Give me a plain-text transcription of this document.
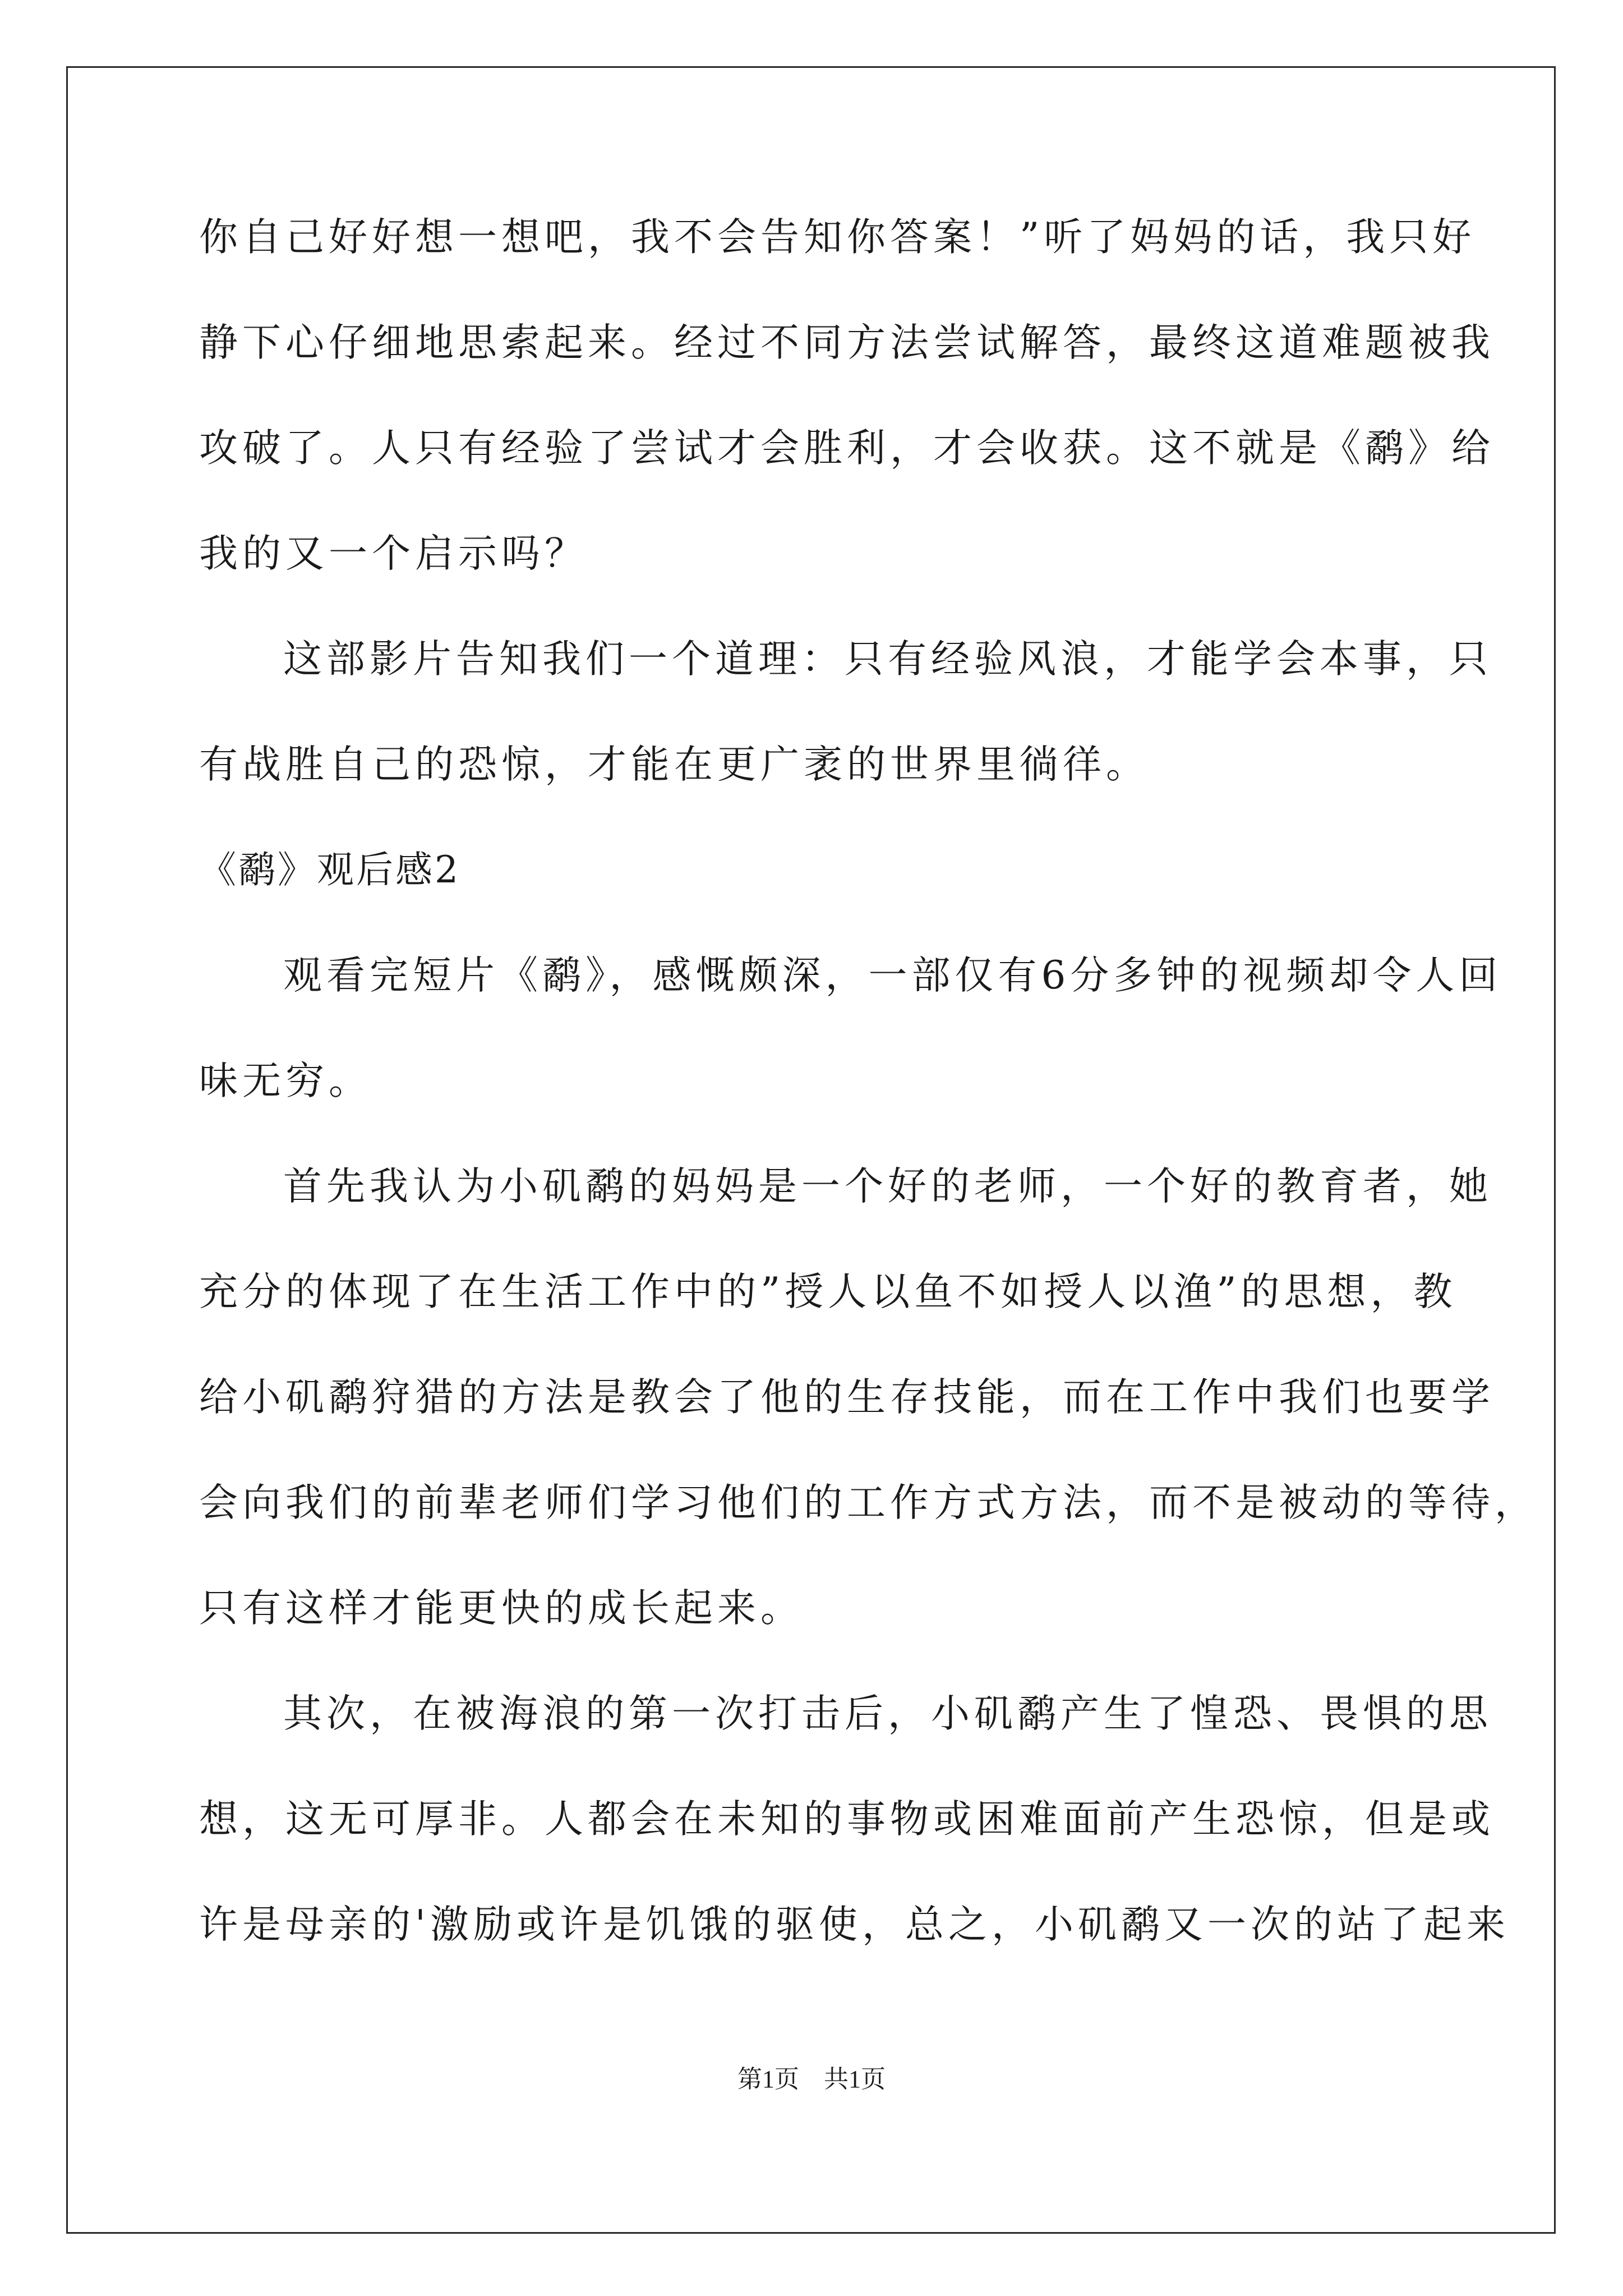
你自己好好想一想吧，我不会告知你答案！”听了妈妈的话，我只好
静下心仔细地思索起来。经过不同方法尝试解答，最终这道难题被我
攻破了。人只有经验了尝试才会胜利，才会收获。这不就是《鹬》给
我的又一个启示吗？
这部影片告知我们一个道理：只有经验风浪，才能学会本事，只
有战胜自己的恐惊，才能在更广袤的世界里徜徉。
《鹬》观后感2
观看完短片《鹬》，感慨颇深，一部仅有6分多钟的视频却令人回
味无穷。
首先我认为小矶鹬的妈妈是一个好的老师，一个好的教育者，她
充分的体现了在生活工作中的”授人以鱼不如授人以渔”的思想，教
给小矶鹬狩猎的方法是教会了他的生存技能，而在工作中我们也要学
会向我们的前辈老师们学习他们的工作方式方法，而不是被动的等待，
只有这样才能更快的成长起来。
其次，在被海浪的第一次打击后，小矶鹬产生了惶恐、畏惧的思
想，这无可厚非。人都会在未知的事物或困难面前产生恐惊，但是或
许是母亲的'激励或许是饥饿的驱使，总之，小矶鹬又一次的站了起来
第1页 共1页
